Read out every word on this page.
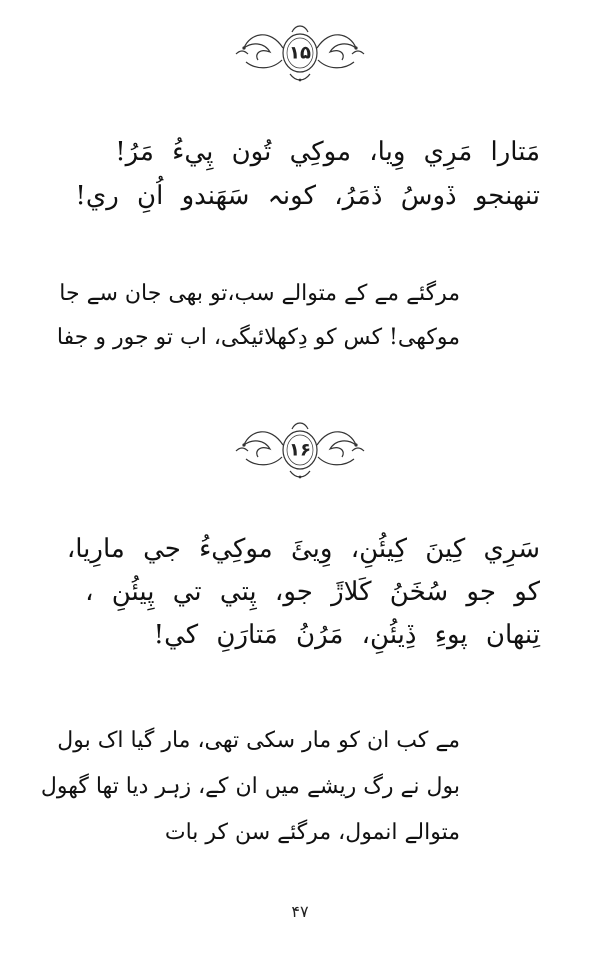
۱۵
مَتارا مَرِي وِيا، موکِي تُون پِيءُ مَرُ!
تنهنجو ڏوسُ ڏمَرُ، کونہ سَهَندو اُنِ ري!
مرگئے مے کے متوالے سب،تو بھی جان سے جا
موکھی! کس کو دِکھلائیگی، اب تو جور و جفا
۱۶
سَرِي کِينَ کِيئُنِ، وِيئَ موکِيءُ جي مارِيا،
کو جو سُخَنُ کَلاڙَ جو، پِتي تي پِيئُنِ ،
تِنهان پوءِ ڏِيئُنِ، مَرُنُ مَتارَنِ کي!
مے کب ان کو مار سکی تھی، مار گیا اک بول
بول نے رگ ریشے میں ان کے، زہر دیا تھا گھول
متوالے انمول، مرگئے سن کر بات
۴۷
